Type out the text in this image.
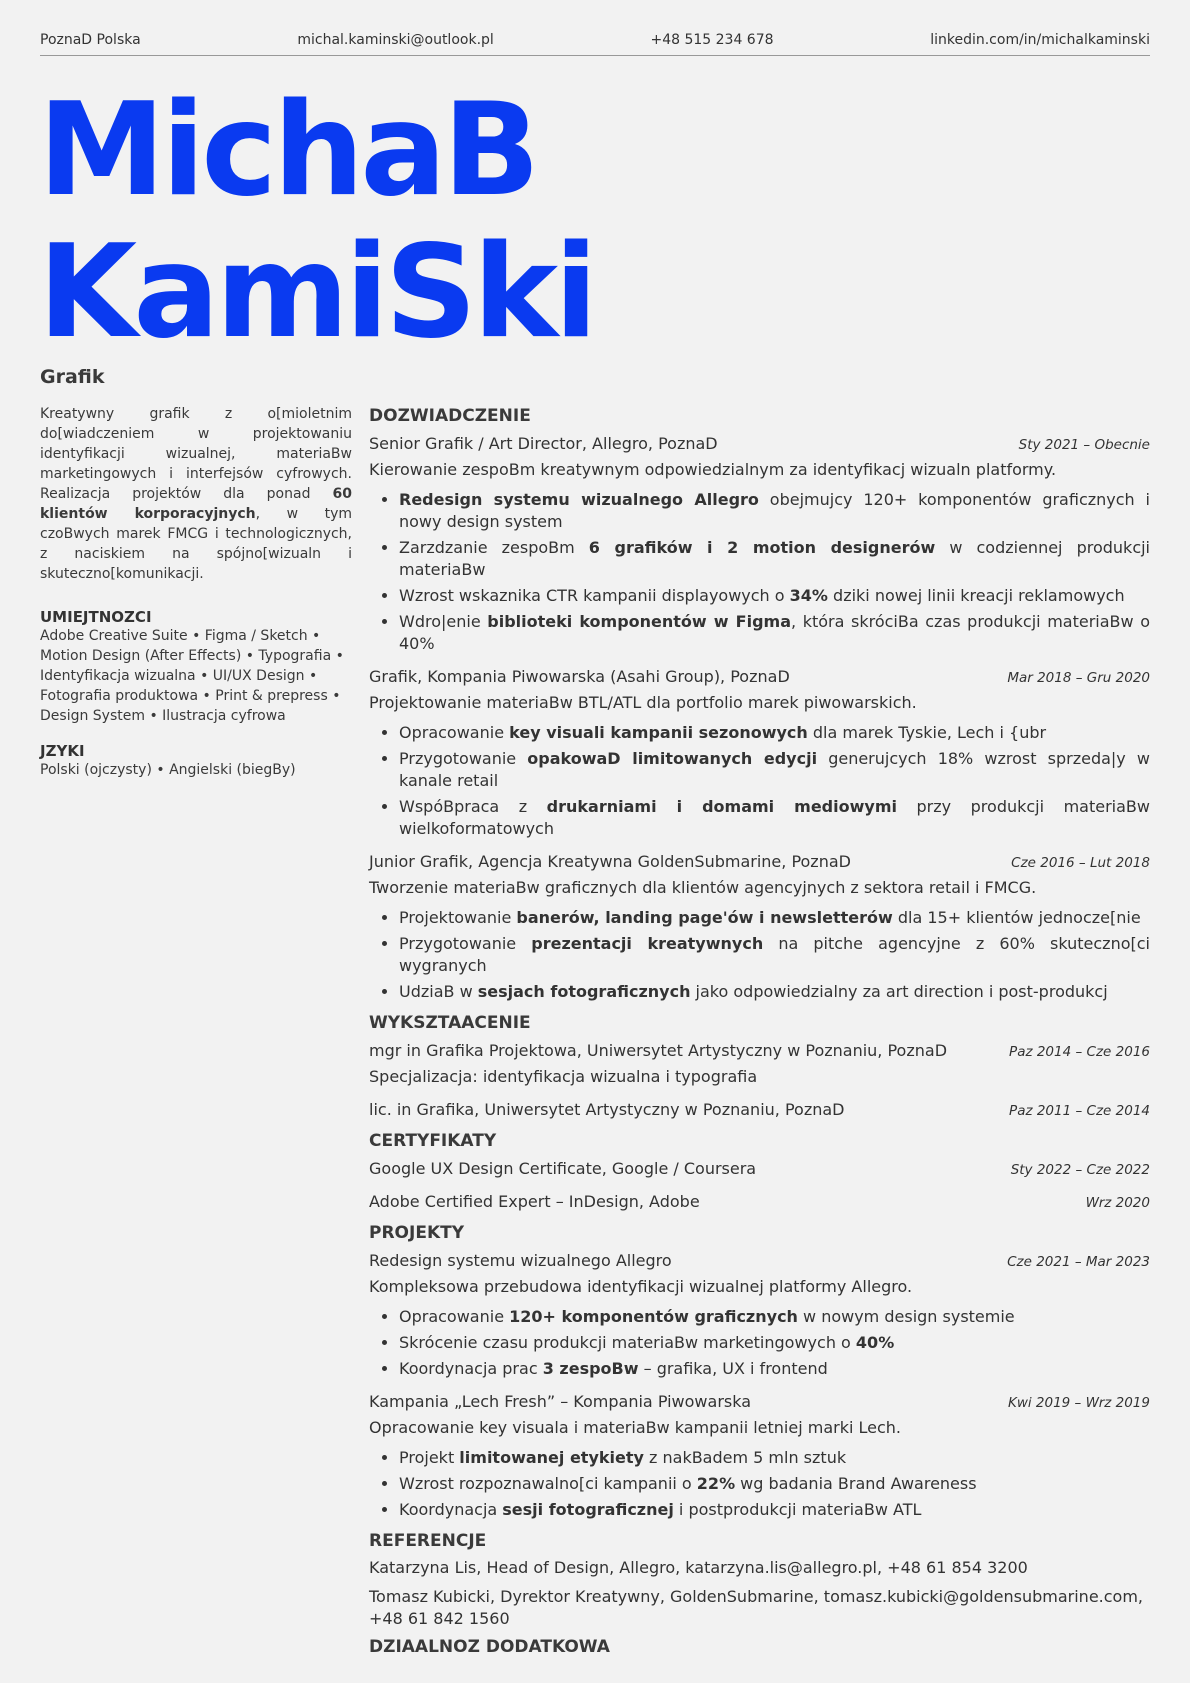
PoznaD Polska	michal.kaminski@outlook.pl	+48 515 234 678	linkedin.com/in/michalkaminski
MichaB
KamiSki
Grafik
Kreatywny grafik z o[mioletnim do[wiadczeniem w projektowaniu identyfikacji wizualnej, materiaBw marketingowych i interfejsów cyfrowych. Realizacja projektów dla ponad 60 klientów korporacyjnych, w tym czoBwych marek FMCG i technologicznych, z naciskiem na spójno[wizualn i skuteczno[komunikacji.
UMIEJTNOZCI
Adobe Creative Suite • Figma / Sketch • Motion Design (After Effects) • Typografia • Identyfikacja wizualna • UI/UX Design • Fotografia produktowa • Print & prepress • Design System • Ilustracja cyfrowa
JZYKI
Polski (ojczysty) • Angielski (biegBy)
DOZWIADCZENIE
Senior Grafik / Art Director, Allegro, PoznaD	Sty 2021 – Obecnie
Kierowanie zespoBm kreatywnym odpowiedzialnym za identyfikacj wizualn platformy.
• Redesign systemu wizualnego Allegro obejmujcy 120+ komponentów graficznych i nowy design system
• Zarzdzanie zespoBm 6 grafików i 2 motion designerów w codziennej produkcji materiaBw
• Wzrost wskaznika CTR kampanii displayowych o 34% dziki nowej linii kreacji reklamowych
• Wdro|enie biblioteki komponentów w Figma, która skróciBa czas produkcji materiaBw o 40%
Grafik, Kompania Piwowarska (Asahi Group), PoznaD	Mar 2018 – Gru 2020
Projektowanie materiaBw BTL/ATL dla portfolio marek piwowarskich.
• Opracowanie key visuali kampanii sezonowych dla marek Tyskie, Lech i {ubr
• Przygotowanie opakowaD limitowanych edycji generujcych 18% wzrost sprzeda|y w kanale retail
• WspóBpraca z drukarniami i domami mediowymi przy produkcji materiaBw wielkoformatowych
Junior Grafik, Agencja Kreatywna GoldenSubmarine, PoznaD	Cze 2016 – Lut 2018
Tworzenie materiaBw graficznych dla klientów agencyjnych z sektora retail i FMCG.
• Projektowanie banerów, landing page'ów i newsletterów dla 15+ klientów jednocze[nie
• Przygotowanie prezentacji kreatywnych na pitche agencyjne z 60% skuteczno[ci wygranych
• UdziaB w sesjach fotograficznych jako odpowiedzialny za art direction i post-produkcj
WYKSZTAACENIE
mgr in Grafika Projektowa, Uniwersytet Artystyczny w Poznaniu, PoznaD	Paz 2014 – Cze 2016
Specjalizacja: identyfikacja wizualna i typografia
lic. in Grafika, Uniwersytet Artystyczny w Poznaniu, PoznaD	Paz 2011 – Cze 2014
CERTYFIKATY
Google UX Design Certificate, Google / Coursera	Sty 2022 – Cze 2022
Adobe Certified Expert – InDesign, Adobe	Wrz 2020
PROJEKTY
Redesign systemu wizualnego Allegro	Cze 2021 – Mar 2023
Kompleksowa przebudowa identyfikacji wizualnej platformy Allegro.
• Opracowanie 120+ komponentów graficznych w nowym design systemie
• Skrócenie czasu produkcji materiaBw marketingowych o 40%
• Koordynacja prac 3 zespoBw – grafika, UX i frontend
Kampania „Lech Fresh” – Kompania Piwowarska	Kwi 2019 – Wrz 2019
Opracowanie key visuala i materiaBw kampanii letniej marki Lech.
• Projekt limitowanej etykiety z nakBadem 5 mln sztuk
• Wzrost rozpoznawalno[ci kampanii o 22% wg badania Brand Awareness
• Koordynacja sesji fotograficznej i postprodukcji materiaBw ATL
REFERENCJE
Katarzyna Lis, Head of Design, Allegro, katarzyna.lis@allegro.pl, +48 61 854 3200
Tomasz Kubicki, Dyrektor Kreatywny, GoldenSubmarine, tomasz.kubicki@goldensubmarine.com, +48 61 842 1560
DZIAALNOZ DODATKOWA
